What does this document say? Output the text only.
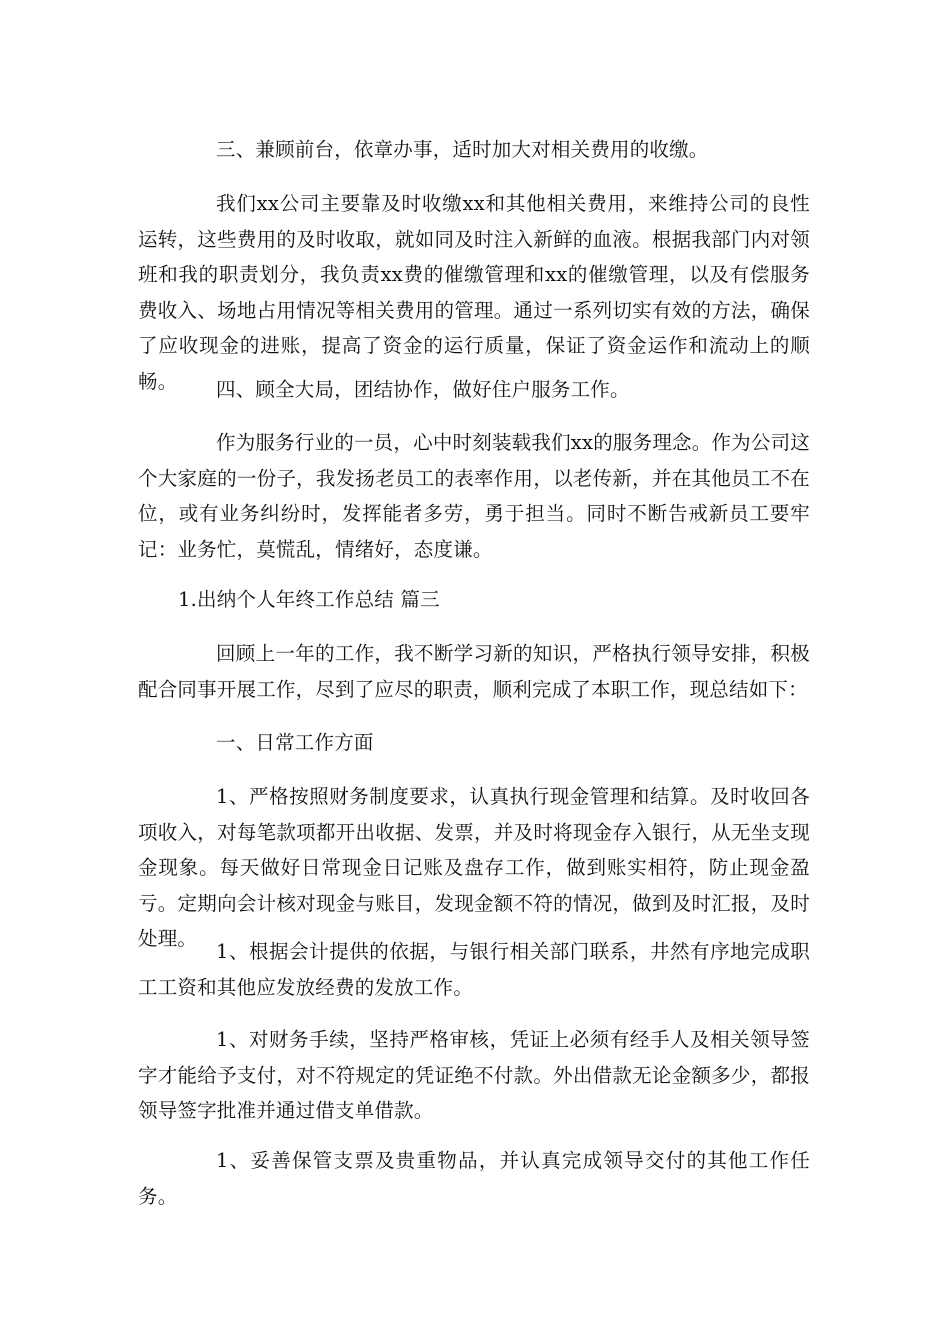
三、兼顾前台，依章办事，适时加大对相关费用的收缴。

我们xx公司主要靠及时收缴xx和其他相关费用，来维持公司的良性运转，这些费用的及时收取，就如同及时注入新鲜的血液。根据我部门内对领班和我的职责划分，我负责xx费的催缴管理和xx的催缴管理，以及有偿服务费收入、场地占用情况等相关费用的管理。通过一系列切实有效的方法，确保了应收现金的进账，提高了资金的运行质量，保证了资金运作和流动上的顺畅。	四、顾全大局，团结协作，做好住户服务工作。

作为服务行业的一员，心中时刻装载我们xx的服务理念。作为公司这个大家庭的一份子，我发扬老员工的表率作用，以老传新，并在其他员工不在位，或有业务纠纷时，发挥能者多劳，勇于担当。同时不断告戒新员工要牢记：业务忙，莫慌乱，情绪好，态度谦。

1.出纳个人年终工作总结 篇三

回顾上一年的工作，我不断学习新的知识，严格执行领导安排，积极配合同事开展工作，尽到了应尽的职责，顺利完成了本职工作，现总结如下：

一、日常工作方面

1、严格按照财务制度要求，认真执行现金管理和结算。及时收回各项收入，对每笔款项都开出收据、发票，并及时将现金存入银行，从无坐支现金现象。每天做好日常现金日记账及盘存工作，做到账实相符，防止现金盈亏。定期向会计核对现金与账目，发现金额不符的情况，做到及时汇报，及时处理。

1、根据会计提供的依据，与银行相关部门联系，井然有序地完成职工工资和其他应发放经费的发放工作。

1、对财务手续，坚持严格审核，凭证上必须有经手人及相关领导签字才能给予支付，对不符规定的凭证绝不付款。外出借款无论金额多少，都报领导签字批准并通过借支单借款。

1、妥善保管支票及贵重物品，并认真完成领导交付的其他工作任务。
